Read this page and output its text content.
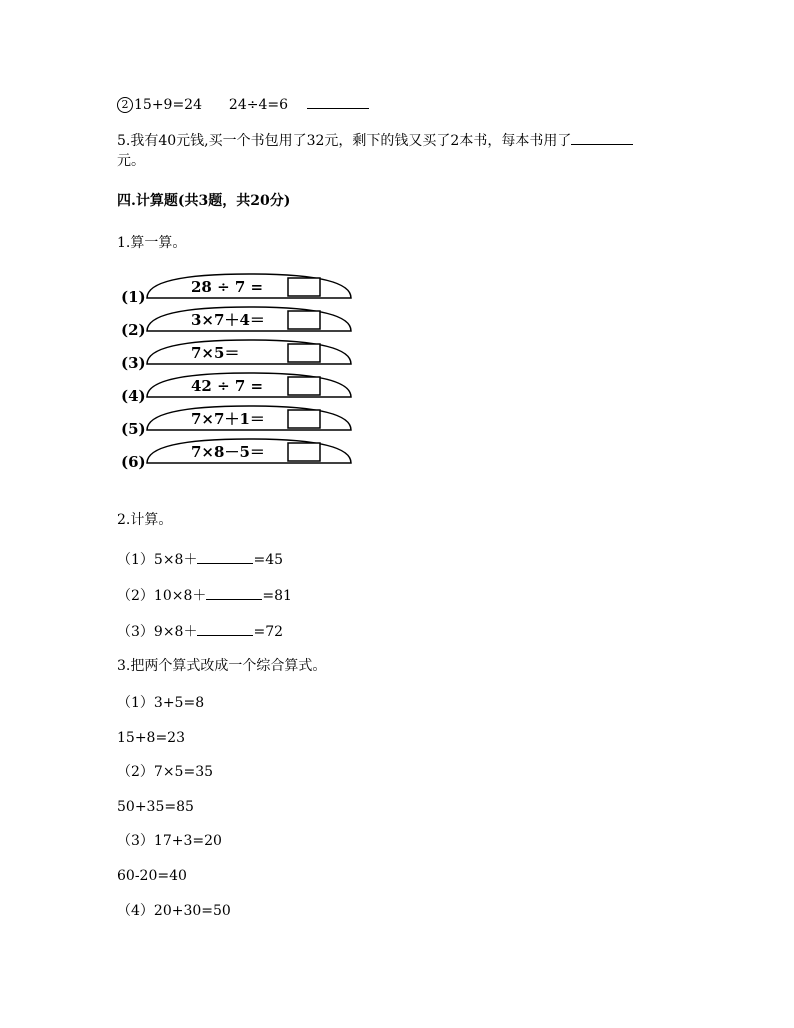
2 15+9=24 24÷4=6
5.我有40元钱,买一个书包用了32元，剩下的钱又买了2本书，每本书用了
元。
四.计算题(共3题，共20分)
1.算一算。
(1)
28 ÷ 7 =
(2)
3×7＋4＝
(3)
7×5＝
(4)
42 ÷ 7 =
(5)
7×7＋1＝
(6)
7×8－5＝
2.计算。
（1）5×8＋	=45
（2）10×8＋	=81
（3）9×8＋	=72
3.把两个算式改成一个综合算式。
（1）3+5=8
15+8=23
（2）7×5=35
50+35=85
（3）17+3=20
60-20=40
（4）20+30=50
